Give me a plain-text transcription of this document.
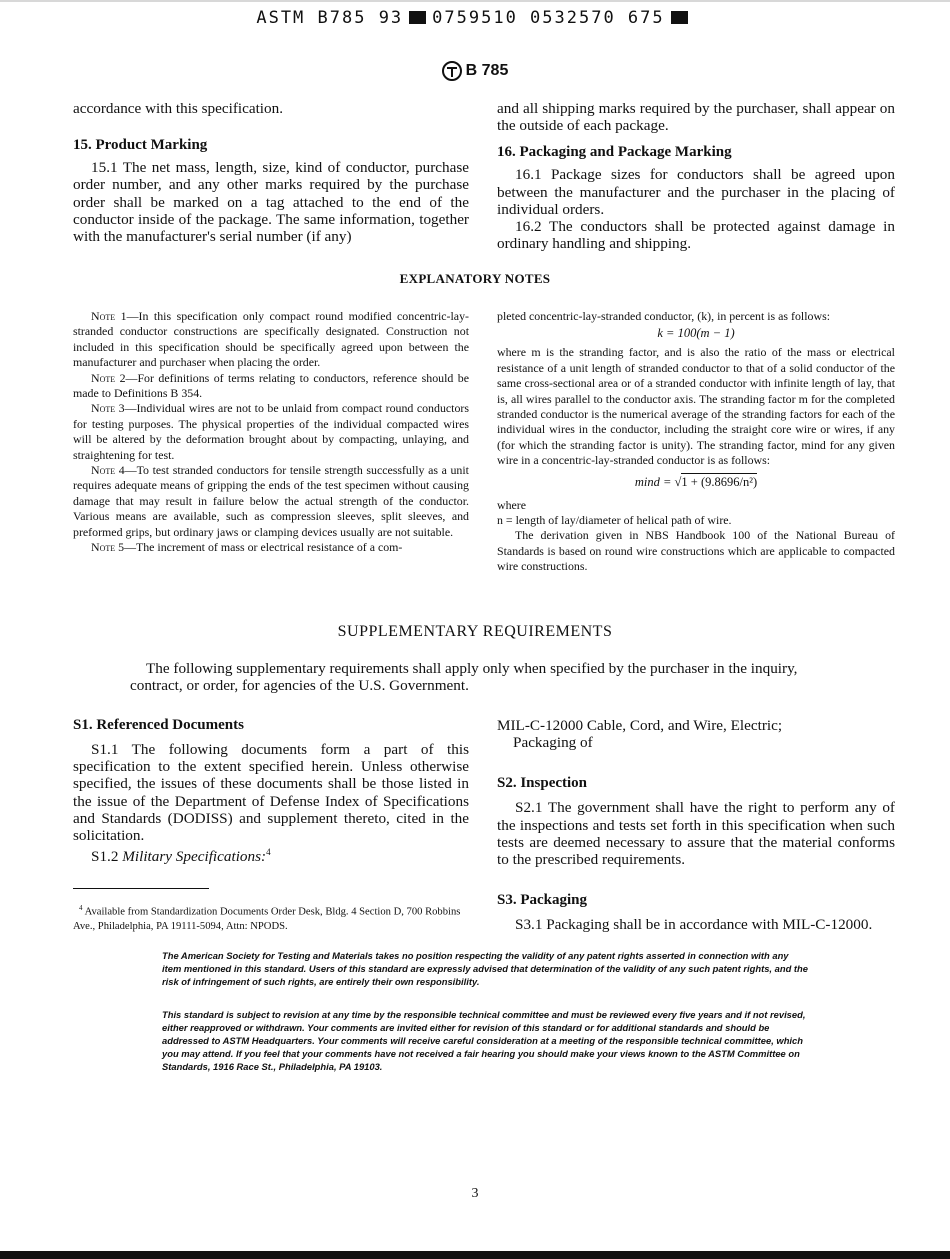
ASTM B785 93 0759510 0532570 675
B 785

accordance with this specification.

15. Product Marking

15.1 The net mass, length, size, kind of conductor, purchase order number, and any other marks required by the purchase order shall be marked on a tag attached to the end of the conductor inside of the package. The same information, together with the manufacturer's serial number (if any)

and all shipping marks required by the purchaser, shall appear on the outside of each package.

16. Packaging and Package Marking

16.1 Package sizes for conductors shall be agreed upon between the manufacturer and the purchaser in the placing of individual orders.

16.2 The conductors shall be protected against damage in ordinary handling and shipping.

EXPLANATORY NOTES

Note 1—In this specification only compact round modified concentric-lay-stranded conductor constructions are specifically designated. Construction not included in this specification should be specifically agreed upon between the manufacturer and purchaser when placing the order.

Note 2—For definitions of terms relating to conductors, reference should be made to Definitions B 354.

Note 3—Individual wires are not to be unlaid from compact round conductors for testing purposes. The physical properties of the individual compacted wires will be altered by the deformation brought about by compacting, unlaying, and straightening for test.

Note 4—To test stranded conductors for tensile strength successfully as a unit requires adequate means of gripping the ends of the test specimen without causing damage that may result in failure below the actual strength of the conductor. Various means are available, such as compression sleeves, split sleeves, and preformed grips, but ordinary jaws or clamping devices usually are not suitable.

Note 5—The increment of mass or electrical resistance of a com-

pleted concentric-lay-stranded conductor, (k), in percent is as follows:

k = 100(m − 1)

where m is the stranding factor, and is also the ratio of the mass or electrical resistance of a unit length of stranded conductor to that of a solid conductor of the same cross-sectional area or of a stranded conductor with infinite length of lay, that is, all wires parallel to the conductor axis. The stranding factor m for the completed stranded conductor is the numerical average of the stranding factors for each of the individual wires in the conductor, including the straight core wire or wires, if any (for which the stranding factor is unity). The stranding factor, mind for any given wire in a concentric-lay-stranded conductor is as follows:

mind = √1 + (9.8696/n²)

where

n = length of lay/diameter of helical path of wire.

The derivation given in NBS Handbook 100 of the National Bureau of Standards is based on round wire constructions which are applicable to compacted wire constructions.

SUPPLEMENTARY REQUIREMENTS

The following supplementary requirements shall apply only when specified by the purchaser in the inquiry, contract, or order, for agencies of the U.S. Government.

S1. Referenced Documents

S1.1 The following documents form a part of this specification to the extent specified herein. Unless otherwise specified, the issues of these documents shall be those listed in the issue of the Department of Defense Index of Specifications and Standards (DODISS) and supplement thereto, cited in the solicitation.

S1.2 Military Specifications:$^4$

MIL-C-12000 Cable, Cord, and Wire, Electric; Packaging of

S2. Inspection

S2.1 The government shall have the right to perform any of the inspections and tests set forth in this specification when such tests are deemed necessary to assure that the material conforms to the prescribed requirements.

S3. Packaging

S3.1 Packaging shall be in accordance with MIL-C-12000.

$^4$ Available from Standardization Documents Order Desk, Bldg. 4 Section D, 700 Robbins Ave., Philadelphia, PA 19111-5094, Attn: NPODS.

The American Society for Testing and Materials takes no position respecting the validity of any patent rights asserted in connection with any item mentioned in this standard. Users of this standard are expressly advised that determination of the validity of any such patent rights, and the risk of infringement of such rights, are entirely their own responsibility.

This standard is subject to revision at any time by the responsible technical committee and must be reviewed every five years and if not revised, either reapproved or withdrawn. Your comments are invited either for revision of this standard or for additional standards and should be addressed to ASTM Headquarters. Your comments will receive careful consideration at a meeting of the responsible technical committee, which you may attend. If you feel that your comments have not received a fair hearing you should make your views known to the ASTM Committee on Standards, 1916 Race St., Philadelphia, PA 19103.

3
